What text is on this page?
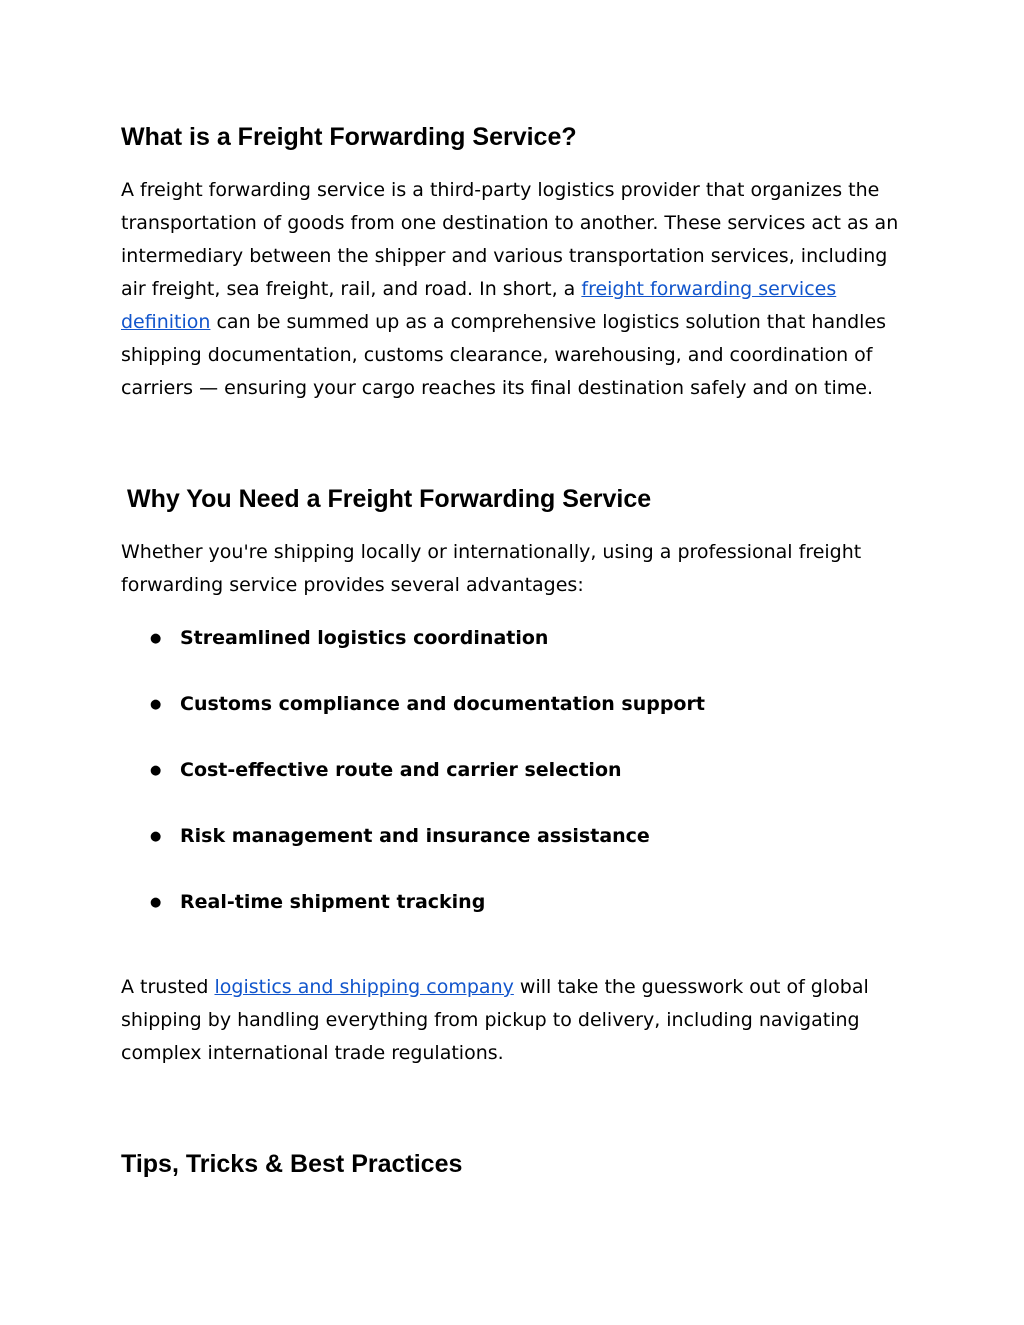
What is a Freight Forwarding Service?

A freight forwarding service is a third-party logistics provider that organizes the

transportation of goods from one destination to another. These services act as an

intermediary between the shipper and various transportation services, including

air freight, sea freight, rail, and road. In short, a freight forwarding services

definition can be summed up as a comprehensive logistics solution that handles

shipping documentation, customs clearance, warehousing, and coordination of

carriers — ensuring your cargo reaches its final destination safely and on time.

Why You Need a Freight Forwarding Service

Whether you're shipping locally or internationally, using a professional freight

forwarding service provides several advantages:

● Streamlined logistics coordination
● Customs compliance and documentation support
● Cost-effective route and carrier selection
● Risk management and insurance assistance
● Real-time shipment tracking

A trusted logistics and shipping company will take the guesswork out of global

shipping by handling everything from pickup to delivery, including navigating

complex international trade regulations.

Tips, Tricks & Best Practices
